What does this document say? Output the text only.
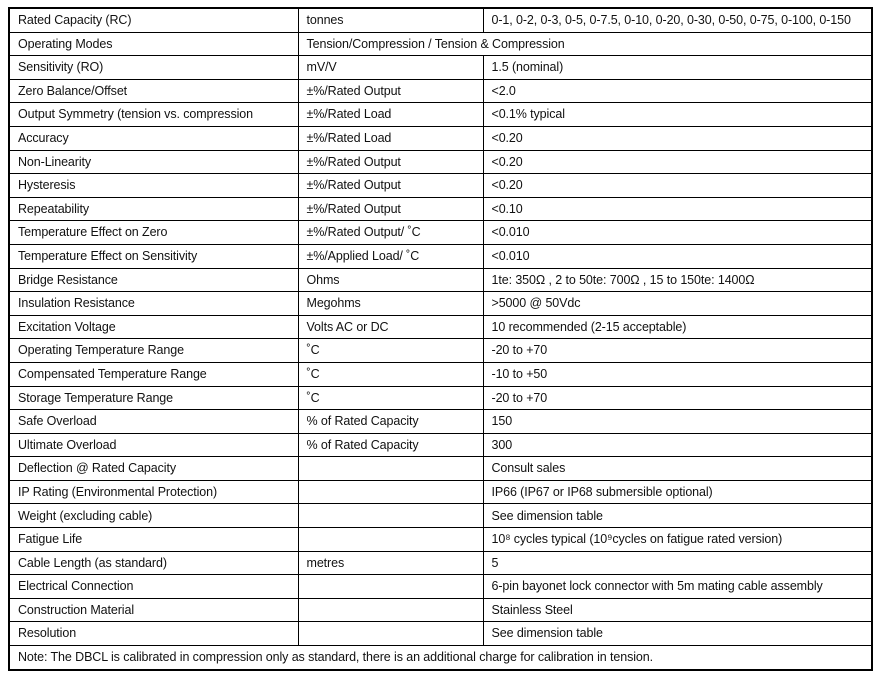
Rated Capacity (RC)	tonnes	0-1, 0-2, 0-3, 0-5, 0-7.5, 0-10, 0-20, 0-30, 0-50, 0-75, 0-100, 0-150
Operating Modes	Tension/Compression / Tension & Compression	
Sensitivity (RO)	mV/V	1.5 (nominal)
Zero Balance/Offset	±%/Rated Output	<2.0
Output Symmetry (tension vs. compression	±%/Rated Load	<0.1% typical
Accuracy	±%/Rated Load	<0.20
Non-Linearity	±%/Rated Output	<0.20
Hysteresis	±%/Rated Output	<0.20
Repeatability	±%/Rated Output	<0.10
Temperature Effect on Zero	±%/Rated Output/ ˚C	<0.010
Temperature Effect on Sensitivity	±%/Applied Load/ ˚C	<0.010
Bridge Resistance	Ohms	1te: 350Ω , 2 to 50te: 700Ω , 15 to 150te: 1400Ω
Insulation Resistance	Megohms	>5000 @ 50Vdc
Excitation Voltage	Volts AC or DC	10 recommended (2-15 acceptable)
Operating Temperature Range	˚C	-20 to +70
Compensated Temperature Range	˚C	-10 to +50
Storage Temperature Range	˚C	-20 to +70
Safe Overload	% of Rated Capacity	150
Ultimate Overload	% of Rated Capacity	300
Deflection @ Rated Capacity		Consult sales
IP Rating (Environmental Protection)		IP66 (IP67 or IP68 submersible optional)
Weight (excluding cable)		See dimension table
Fatigue Life		10⁸ cycles typical (10⁹cycles on fatigue rated version)
Cable Length (as standard)	metres	5
Electrical Connection		6-pin bayonet lock connector with 5m mating cable assembly
Construction Material		Stainless Steel
Resolution		See dimension table
Note: The DBCL is calibrated in compression only as standard, there is an additional charge for calibration in tension.		
